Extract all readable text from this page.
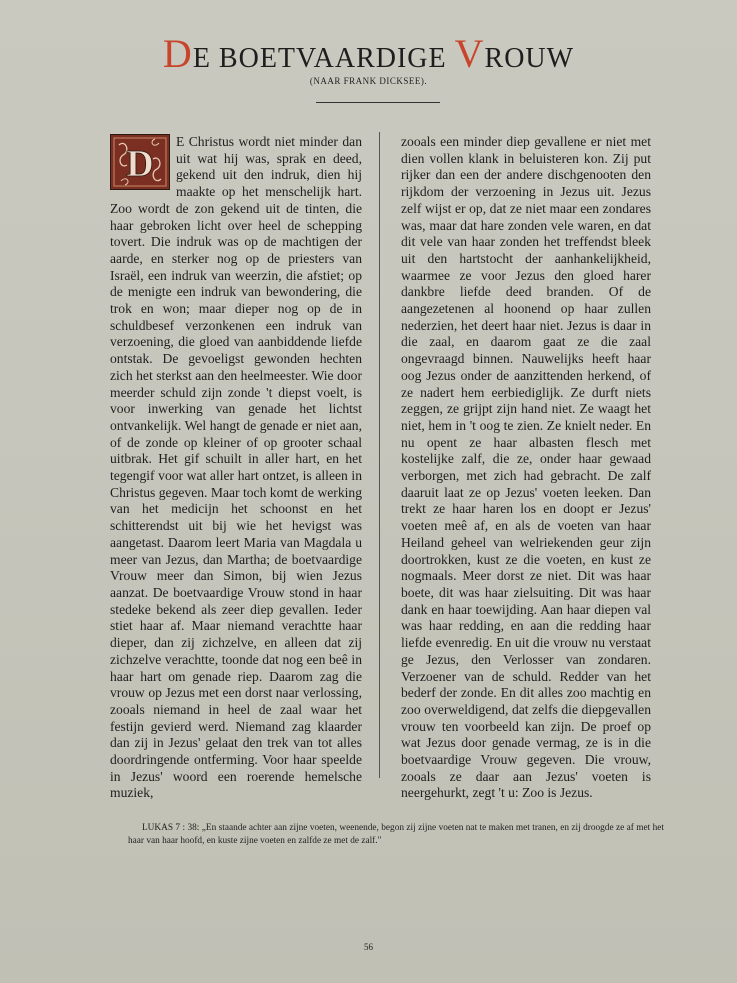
DE BOETVAARDIGE VROUW
(NAAR FRANK DICKSEE).
D

E Christus wordt niet minder dan uit wat hij was, sprak en deed, gekend uit den indruk, dien hij maakte op het menschelijk hart. Zoo wordt de zon gekend uit de tinten, die haar gebroken licht over heel de schepping tovert. Die indruk was op de machtigen der aarde, en sterker nog op de priesters van Israël, een indruk van weerzin, die afstiet; op de menigte een indruk van bewondering, die trok en won; maar dieper nog op de in schuldbesef verzonkenen een indruk van verzoening, die gloed van aanbiddende liefde ontstak. De gevoeligst gewonden hechten zich het sterkst aan den heelmeester. Wie door meerder schuld zijn zonde 't diepst voelt, is voor inwerking van genade het lichtst ontvankelijk. Wel hangt de genade er niet aan, of de zonde op kleiner of op grooter schaal uitbrak. Het gif schuilt in aller hart, en het tegengif voor wat aller hart ontzet, is alleen in Christus gegeven. Maar toch komt de werking van het medicijn het schoonst en het schitterendst uit bij wie het hevigst was aangetast. Daarom leert Maria van Magdala u meer van Jezus, dan Martha; de boetvaardige Vrouw meer dan Simon, bij wien Jezus aanzat. De boetvaardige Vrouw stond in haar stedeke bekend als zeer diep gevallen. Ieder stiet haar af. Maar niemand verachtte haar dieper, dan zij zichzelve, en alleen dat zij zichzelve verachtte, toonde dat nog een beê in haar hart om genade riep. Daarom zag die vrouw op Jezus met een dorst naar verlossing, zooals niemand in heel de zaal waar het festijn gevierd werd. Niemand zag klaarder dan zij in Jezus' gelaat den trek van tot alles doordringende ontferming. Voor haar speelde in Jezus' woord een roerende hemelsche muziek,

zooals een minder diep gevallene er niet met dien vollen klank in beluisteren kon. Zij put rijker dan een der andere dischgenooten den rijkdom der verzoening in Jezus uit. Jezus zelf wijst er op, dat ze niet maar een zondares was, maar dat hare zonden vele waren, en dat dit vele van haar zonden het treffendst bleek uit den hartstocht der aanhankelijkheid, waarmee ze voor Jezus den gloed harer dankbre liefde deed branden. Of de aangezetenen al hoonend op haar zullen nederzien, het deert haar niet. Jezus is daar in die zaal, en daarom gaat ze die zaal ongevraagd binnen. Nauwelijks heeft haar oog Jezus onder de aanzittenden herkend, of ze nadert hem eerbiediglijk. Ze durft niets zeggen, ze grijpt zijn hand niet. Ze waagt het niet, hem in 't oog te zien. Ze knielt neder. En nu opent ze haar albasten flesch met kostelijke zalf, die ze, onder haar gewaad verborgen, met zich had gebracht. De zalf daaruit laat ze op Jezus' voeten leeken. Dan trekt ze haar haren los en doopt er Jezus' voeten meê af, en als de voeten van haar Heiland geheel van welriekenden geur zijn doortrokken, kust ze die voeten, en kust ze nogmaals. Meer dorst ze niet. Dit was haar boete, dit was haar zielsuiting. Dit was haar dank en haar toewijding. Aan haar diepen val was haar redding, en aan die redding haar liefde evenredig. En uit die vrouw nu verstaat ge Jezus, den Verlosser van zondaren. Verzoener van de schuld. Redder van het bederf der zonde. En dit alles zoo machtig en zoo overweldigend, dat zelfs die diepgevallen vrouw ten voorbeeld kan zijn. De proef op wat Jezus door genade vermag, ze is in die boetvaardige Vrouw gegeven. Die vrouw, zooals ze daar aan Jezus' voeten is neergehurkt, zegt 't u: Zoo is Jezus.

LUKAS 7 : 38: „En staande achter aan zijne voeten, weenende, begon zij zijne voeten nat te maken met tranen, en zij droogde ze af met het haar van haar hoofd, en kuste zijne voeten en zalfde ze met de zalf."

56
